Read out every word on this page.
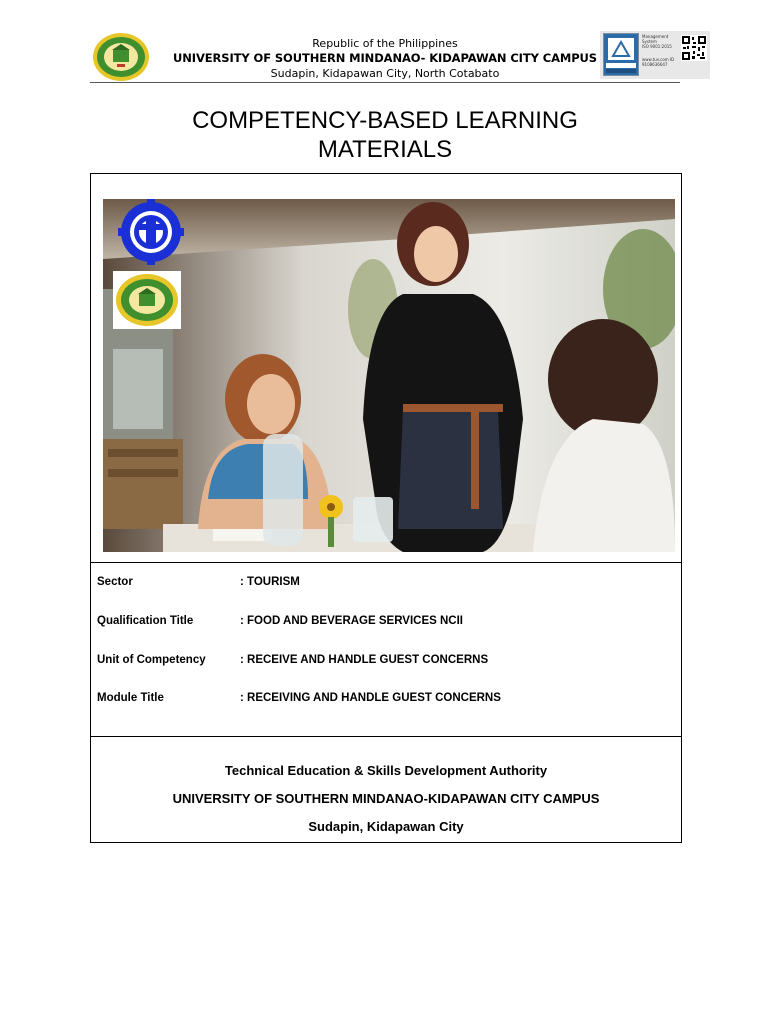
Republic of the Philippines
UNIVERSITY OF SOUTHERN MINDANAO- KIDAPAWAN CITY CAMPUS
Sudapin, Kidapawan City, North Cotabato
Management System
ISO 9001:2015
www.tuv.com ID 9108636647
COMPETENCY-BASED LEARNING
MATERIALS
Sector	: TOURISM
Qualification Title	: FOOD AND BEVERAGE SERVICES NCII
Unit of Competency	: RECEIVE AND HANDLE GUEST CONCERNS
Module Title	: RECEIVING AND HANDLE GUEST CONCERNS
Technical Education & Skills Development Authority
UNIVERSITY OF SOUTHERN MINDANAO-KIDAPAWAN CITY CAMPUS
Sudapin, Kidapawan City
